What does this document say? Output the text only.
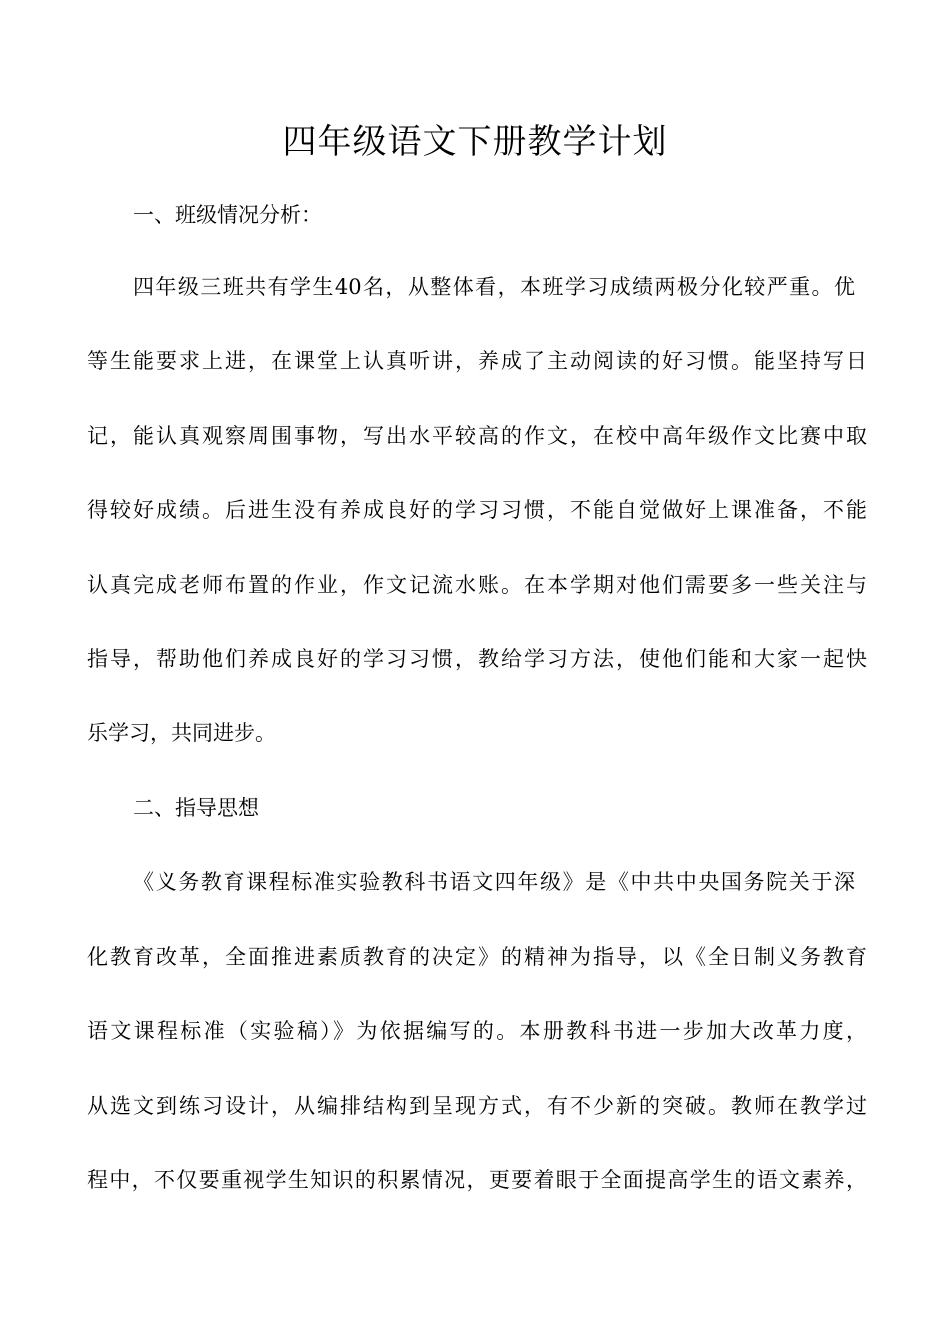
四年级语文下册教学计划
一、班级情况分析：
四年级三班共有学生40名，从整体看，本班学习成绩两极分化较严重。优
等生能要求上进，在课堂上认真听讲，养成了主动阅读的好习惯。能坚持写日
记，能认真观察周围事物，写出水平较高的作文，在校中高年级作文比赛中取
得较好成绩。后进生没有养成良好的学习习惯，不能自觉做好上课准备，不能
认真完成老师布置的作业，作文记流水账。在本学期对他们需要多一些关注与
指导，帮助他们养成良好的学习习惯，教给学习方法，使他们能和大家一起快
乐学习，共同进步。
二、指导思想
《义务教育课程标准实验教科书语文四年级》是《中共中央国务院关于深
化教育改革，全面推进素质教育的决定》的精神为指导，以《全日制义务教育
语文课程标准（实验稿）》为依据编写的。本册教科书进一步加大改革力度，
从选文到练习设计，从编排结构到呈现方式，有不少新的突破。教师在教学过
程中，不仅要重视学生知识的积累情况，更要着眼于全面提高学生的语文素养，
